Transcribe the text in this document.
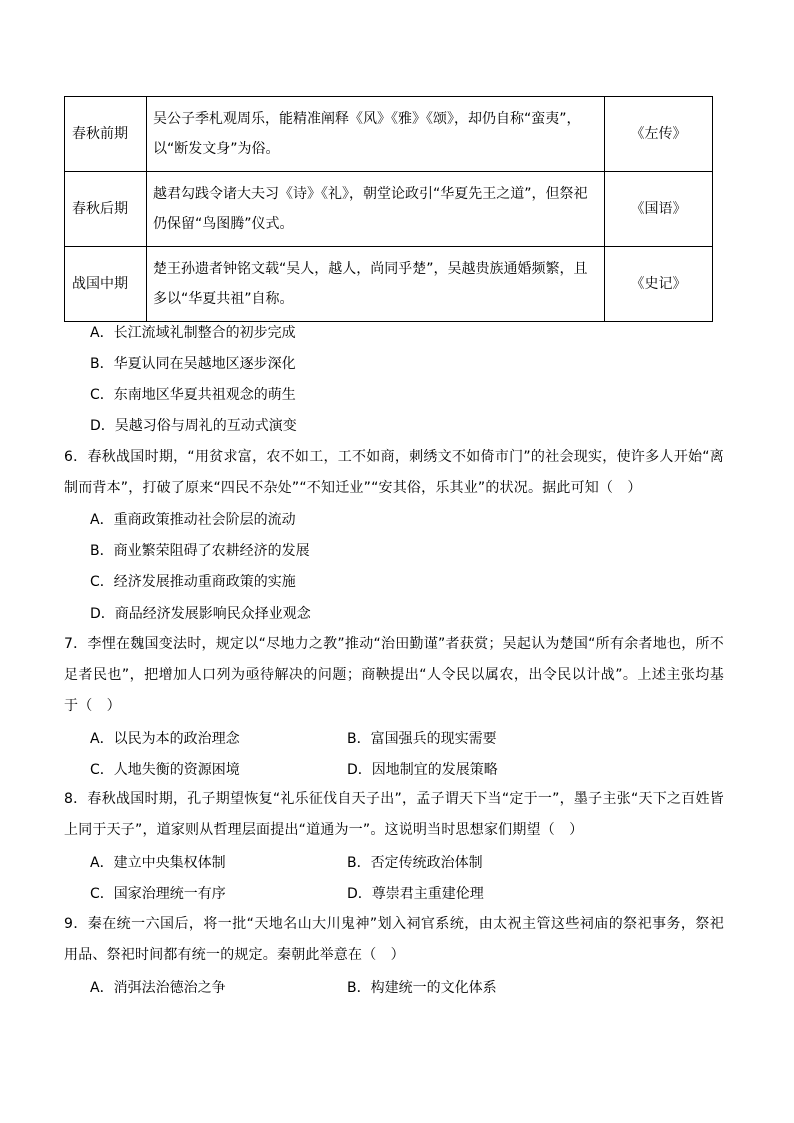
春秋前期	吴公子季札观周乐，能精准阐释《风》《雅》《颂》，却仍自称“蛮夷”，以“断发文身”为俗。	《左传》
春秋后期	越君勾践令诸大夫习《诗》《礼》，朝堂论政引“华夏先王之道”，但祭祀仍保留“鸟图腾”仪式。	《国语》
战国中期	楚王孙遗者钟铭文载“吴人，越人，尚同乎楚”，吴越贵族通婚频繁，且多以“华夏共祖”自称。	《史记》
A．长江流域礼制整合的初步完成
B．华夏认同在吴越地区逐步深化
C．东南地区华夏共祖观念的萌生
D．吴越习俗与周礼的互动式演变
6．春秋战国时期，“用贫求富，农不如工，工不如商，刺绣文不如倚市门”的社会现实，使许多人开始“离制而背本”，打破了原来“四民不杂处”“不知迁业”“安其俗，乐其业”的状况。据此可知（　）
A．重商政策推动社会阶层的流动
B．商业繁荣阻碍了农耕经济的发展
C．经济发展推动重商政策的实施
D．商品经济发展影响民众择业观念
7．李悝在魏国变法时，规定以“尽地力之教”推动“治田勤谨”者获赏；吴起认为楚国“所有余者地也，所不足者民也”，把增加人口列为亟待解决的问题；商鞅提出“人令民以属农，出令民以计战”。上述主张均基于（　）
A．以民为本的政治理念	B．富国强兵的现实需要
C．人地失衡的资源困境	D．因地制宜的发展策略
8．春秋战国时期，孔子期望恢复“礼乐征伐自天子出”，孟子谓天下当“定于一”，墨子主张“天下之百姓皆上同于天子”，道家则从哲理层面提出“道通为一”。这说明当时思想家们期望（　）
A．建立中央集权体制	B．否定传统政治体制
C．国家治理统一有序	D．尊崇君主重建伦理
9．秦在统一六国后，将一批“天地名山大川鬼神”划入祠官系统，由太祝主管这些祠庙的祭祀事务，祭祀用品、祭祀时间都有统一的规定。秦朝此举意在（　）
A．消弭法治德治之争	B．构建统一的文化体系
